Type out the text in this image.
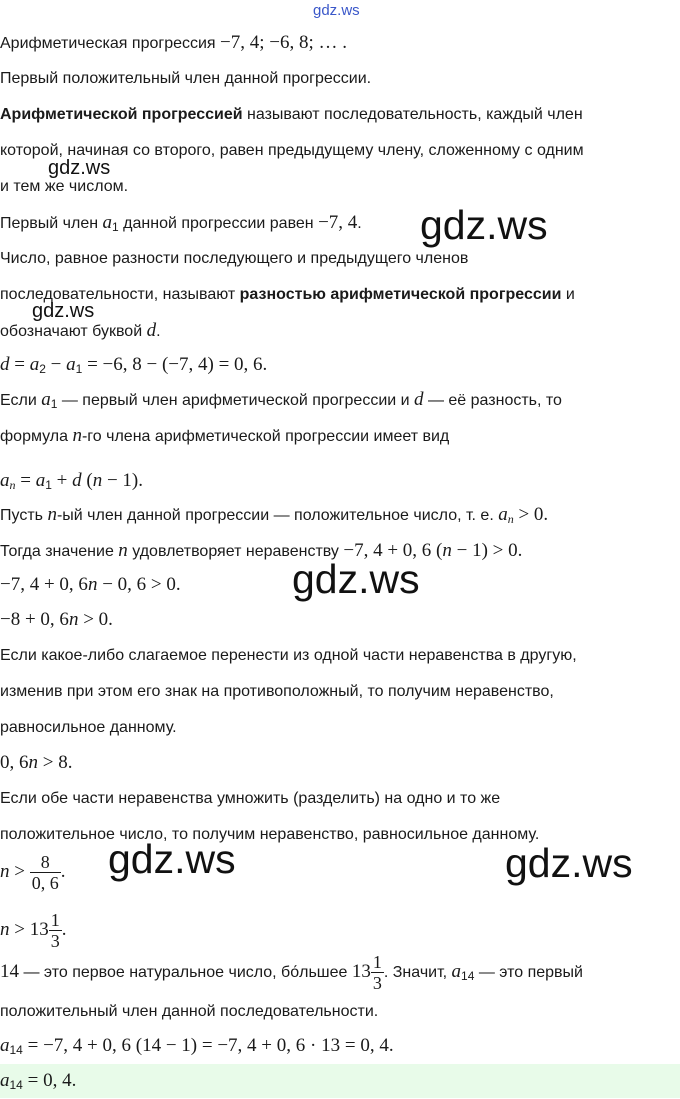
gdz.ws
Арифметическая прогрессия −7, 4; −6, 8; … .
Первый положительный член данной прогрессии.
Арифметической прогрессией называют последовательность, каждый член
которой, начиная со второго, равен предыдущему члену, сложенному с одним
gdz.ws
и тем же числом.
Первый член $a_1$ данной прогрессии равен −7, 4.	gdz.ws
Число, равное разности последующего и предыдущего членов
последовательности, называют разностью арифметической прогрессии и
gdz.ws
обозначают буквой d.
$d = a_2 - a_1 = -6$, 8 − (−7, 4) = 0, 6.
Если $a_1$ — первый член арифметической прогрессии и d — её разность, то
формула n-го члена арифметической прогрессии имеет вид
$a_n = a_1 + d$ (n − 1).
Пусть n-ый член данной прогрессии — положительное число, т. е. $a_n > 0$.
Тогда значение n удовлетворяет неравенству −7, 4 + 0, 6 (n − 1) > 0.
−7, 4 + 0, 6n − 0, 6 > 0.	gdz.ws
−8 + 0, 6n > 0.
Если какое-либо слагаемое перенести из одной части неравенства в другую,
изменив при этом его знак на противоположный, то получим неравенство,
равносильное данному.
0, 6n > 8.
Если обе части неравенства умножить (разделить) на одно и то же
положительное число, то получим неравенство, равносильное данному.
$n > \frac{8}{0, 6}$ .	gdz.ws	gdz.ws
$n > 13 \frac{1}{3}$ .
14 — это первое натуральное число, бо́льшее $13 \frac{1}{3}$ . Значит, $a_{14}$ — это первый
положительный член данной последовательности.
$a_{14} = -7$, 4 + 0, 6 (14 − 1) = −7, 4 + 0, 6 · 13 = 0, 4.
$a_{14} = 0$, 4.
